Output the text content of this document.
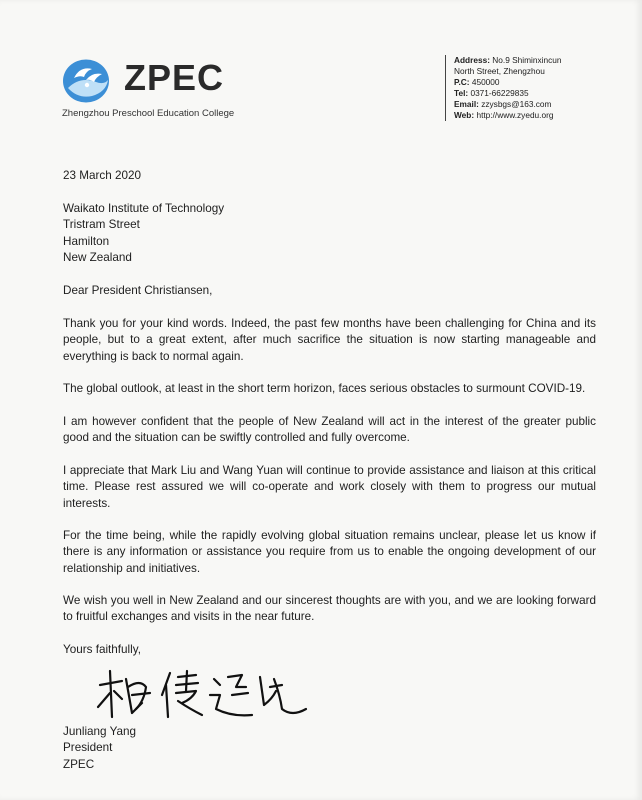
ZPEC
Zhengzhou Preschool Education College
Address: No.9 Shiminxincun
North Street, Zhengzhou
P.C: 450000
Tel: 0371-66229835
Email: zzysbgs@163.com
Web: http://www.zyedu.org
23 March 2020
Waikato Institute of Technology
Tristram Street
Hamilton
New Zealand
Dear President Christiansen,
Thank you for your kind words. Indeed, the past few months have been challenging for China and its people, but to a great extent, after much sacrifice the situation is now starting manageable and everything is back to normal again.
The global outlook, at least in the short term horizon, faces serious obstacles to surmount COVID-19.
I am however confident that the people of New Zealand will act in the interest of the greater public good and the situation can be swiftly controlled and fully overcome.
I appreciate that Mark Liu and Wang Yuan will continue to provide assistance and liaison at this critical time. Please rest assured we will co-operate and work closely with them to progress our mutual interests.
For the time being, while the rapidly evolving global situation remains unclear, please let us know if there is any information or assistance you require from us to enable the ongoing development of our relationship and initiatives.
We wish you well in New Zealand and our sincerest thoughts are with you, and we are looking forward to fruitful exchanges and visits in the near future.
Yours faithfully,
Junliang Yang
President
ZPEC
